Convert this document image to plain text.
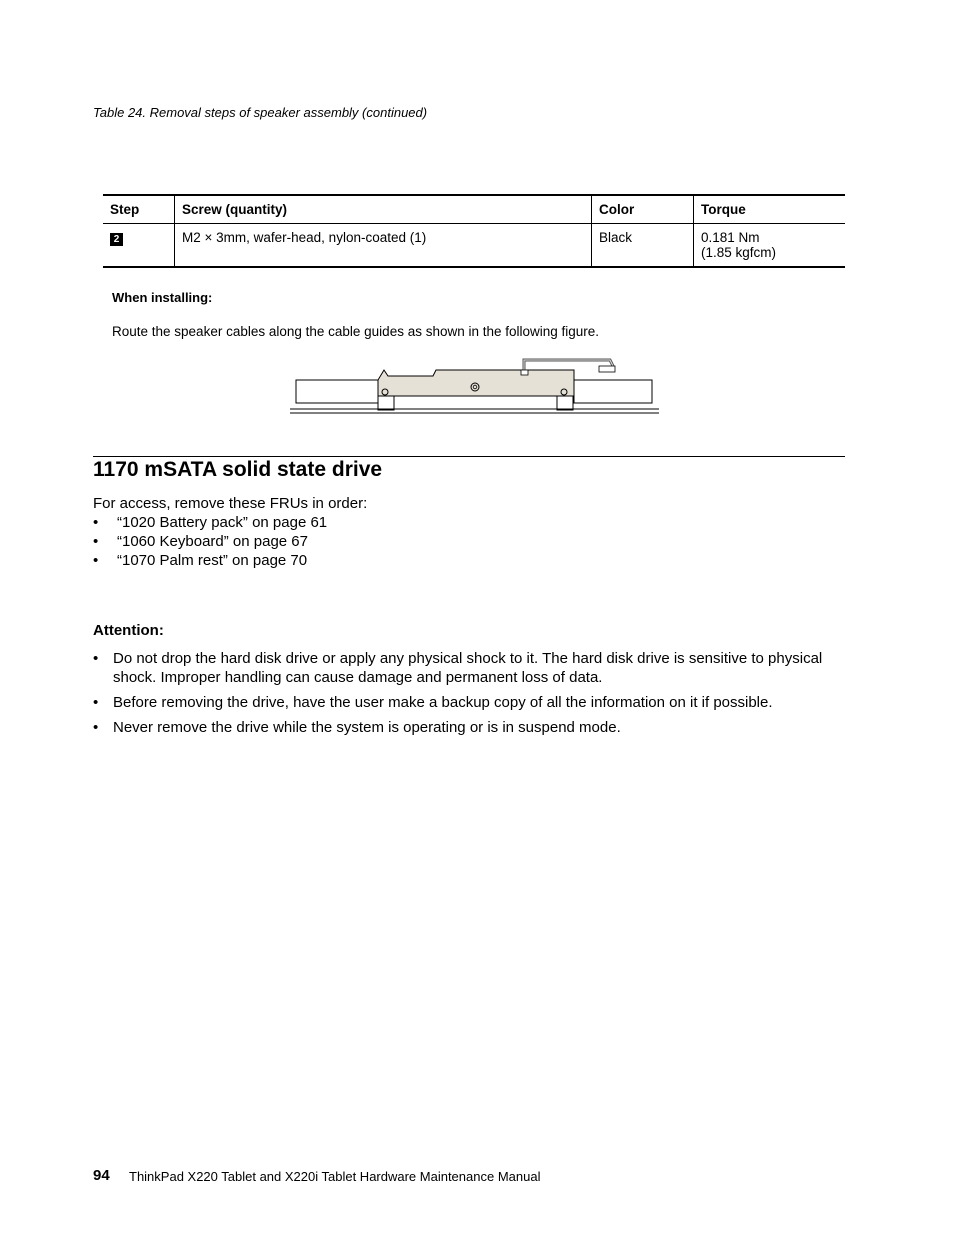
Table 24. Removal steps of speaker assembly (continued)
Step	Screw (quantity)	Color	Torque
2	M2 × 3mm, wafer-head, nylon-coated (1)	Black	0.181 Nm
(1.85 kgfcm)
When installing:
Route the speaker cables along the cable guides as shown in the following figure.
1170 mSATA solid state drive
For access, remove these FRUs in order:
• “1020 Battery pack” on page 61
• “1060 Keyboard” on page 67
• “1070 Palm rest” on page 70
Attention:
• Do not drop the hard disk drive or apply any physical shock to it. The hard disk drive is sensitive to physical shock. Improper handling can cause damage and permanent loss of data.
• Before removing the drive, have the user make a backup copy of all the information on it if possible.
• Never remove the drive while the system is operating or is in suspend mode.
94 ThinkPad X220 Tablet and X220i Tablet Hardware Maintenance Manual
